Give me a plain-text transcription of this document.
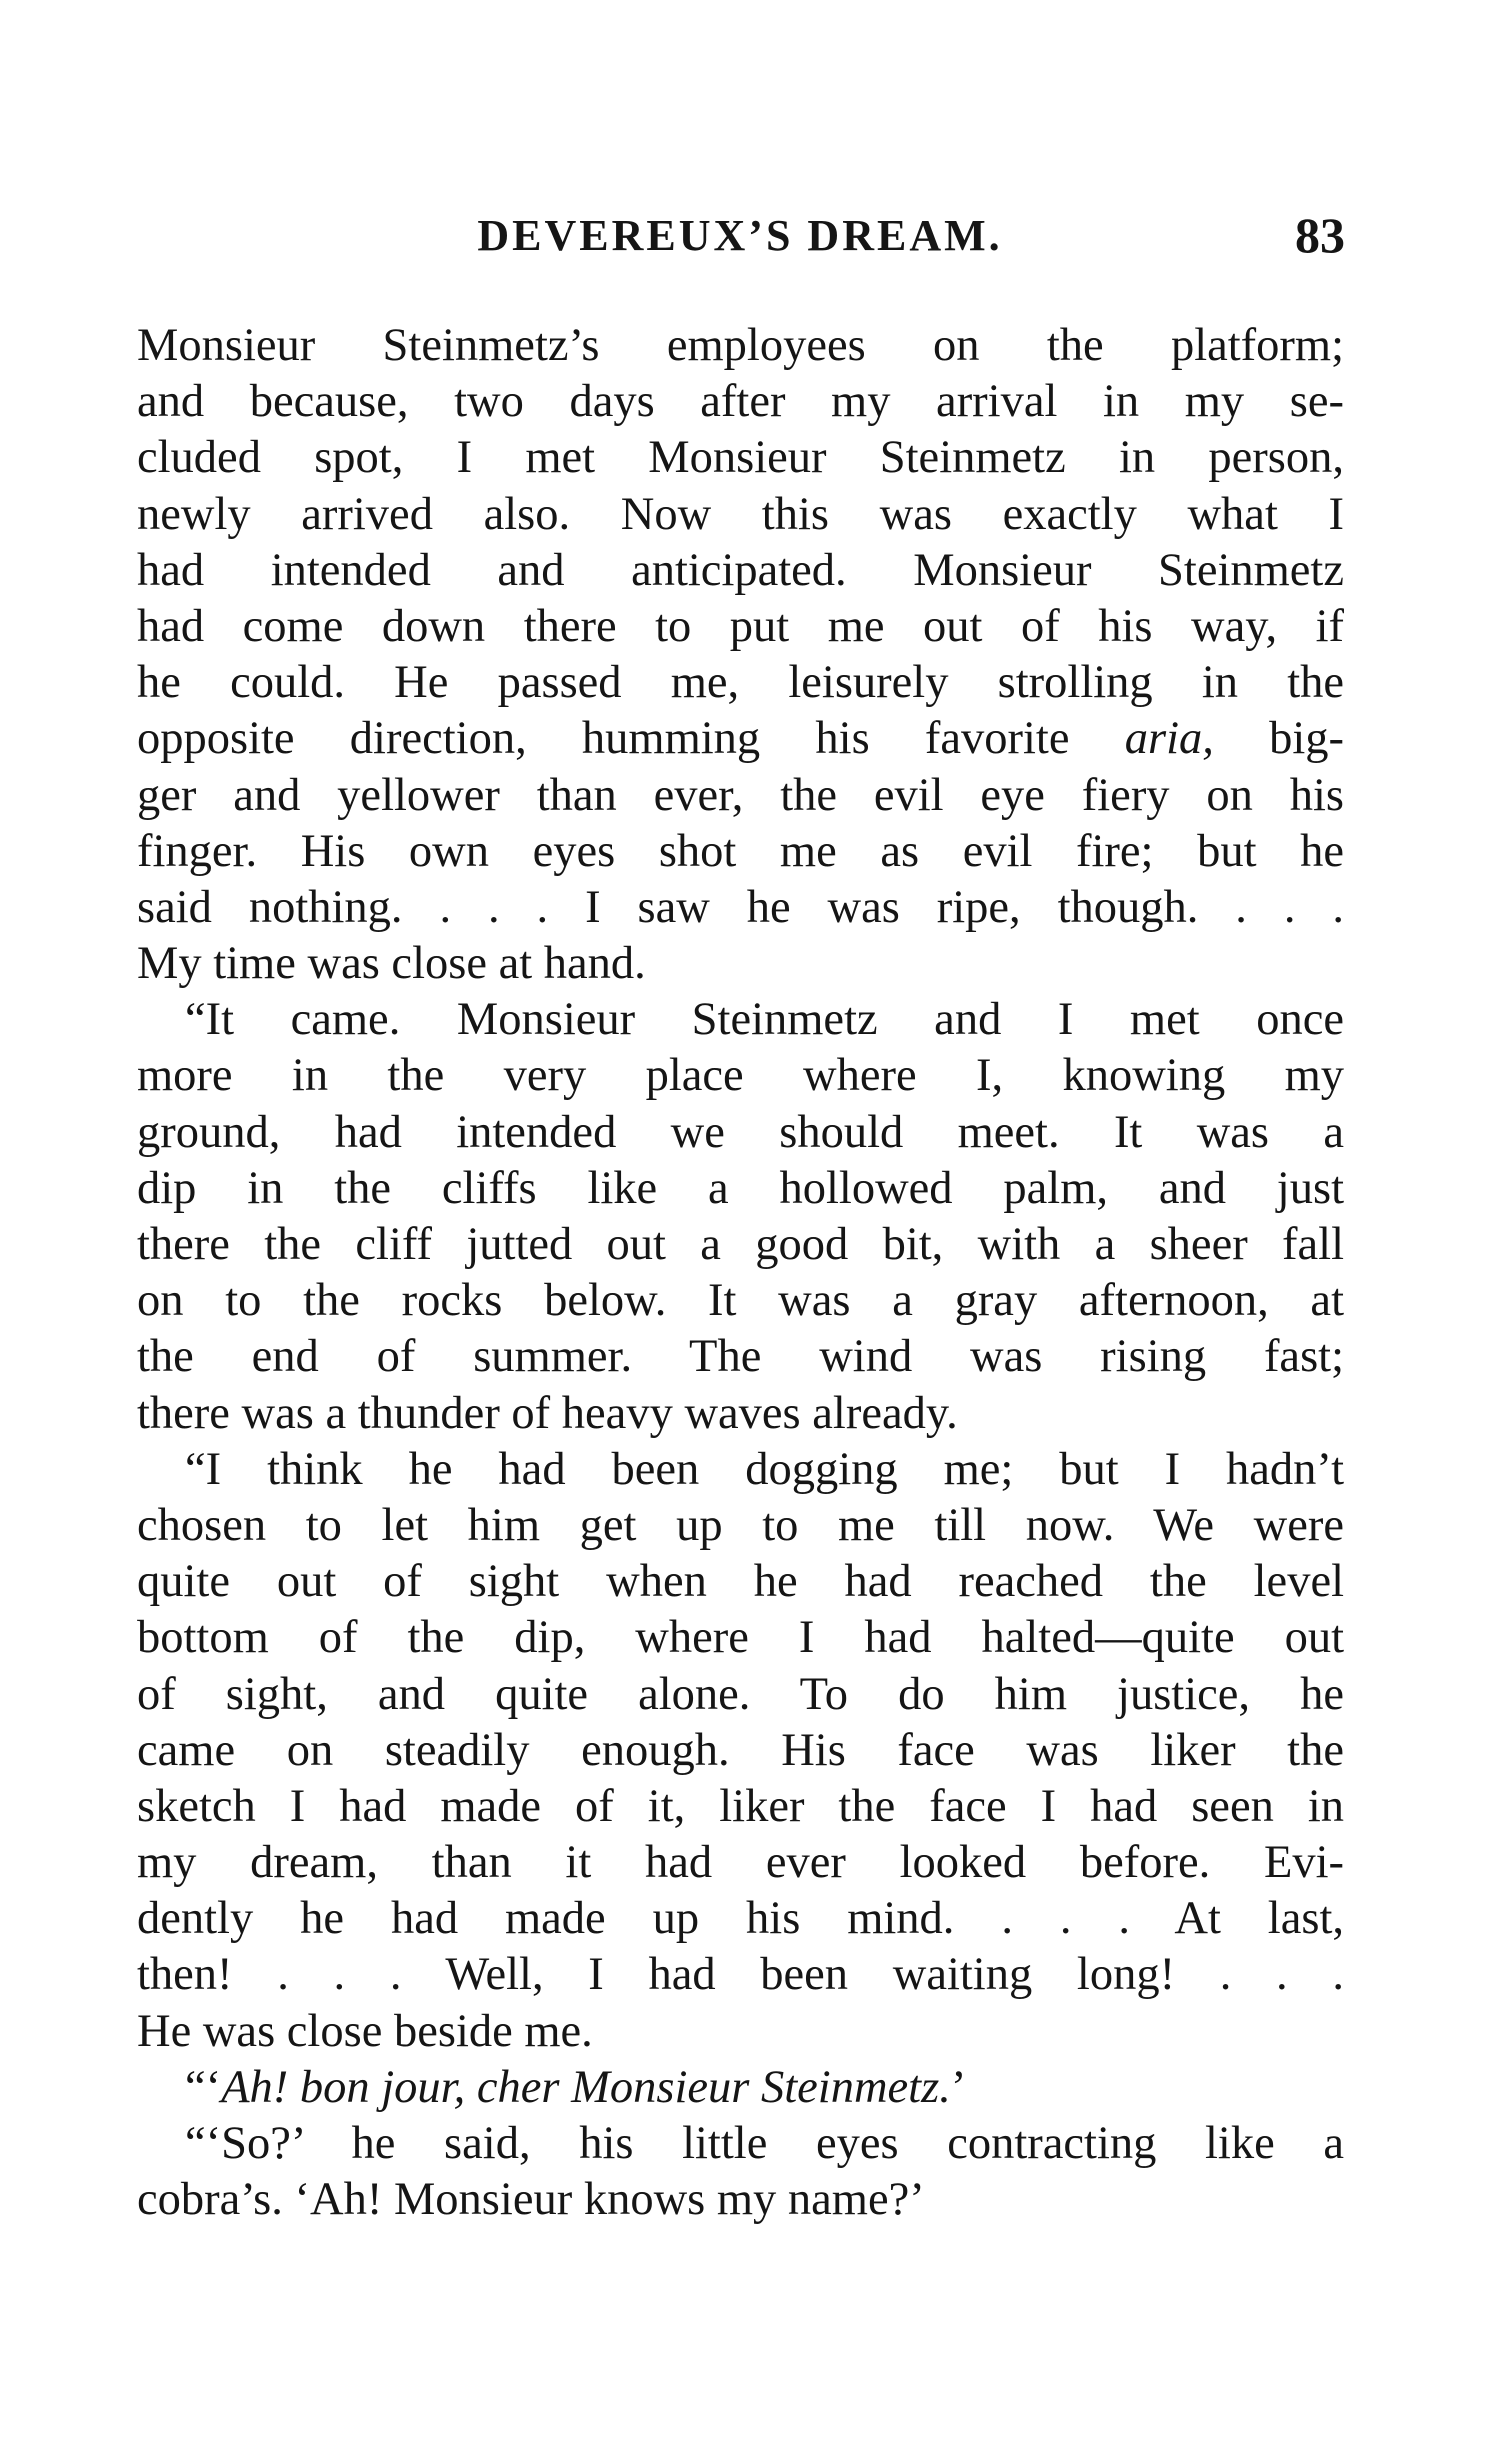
DEVEREUX’S DREAM.	83
Monsieur Steinmetz’s employees on the platform;
and because, two days after my arrival in my se-
cluded spot, I met Monsieur Steinmetz in person,
newly arrived also. Now this was exactly what I
had intended and anticipated. Monsieur Steinmetz
had come down there to put me out of his way, if
he could. He passed me, leisurely strolling in the
opposite direction, humming his favorite aria, big-
ger and yellower than ever, the evil eye fiery on his
finger. His own eyes shot me as evil fire; but he
said nothing. . . . I saw he was ripe, though. . . .
My time was close at hand.
“It came. Monsieur Steinmetz and I met once
more in the very place where I, knowing my
ground, had intended we should meet. It was a
dip in the cliffs like a hollowed palm, and just
there the cliff jutted out a good bit, with a sheer fall
on to the rocks below. It was a gray afternoon, at
the end of summer. The wind was rising fast;
there was a thunder of heavy waves already.
“I think he had been dogging me; but I hadn’t
chosen to let him get up to me till now. We were
quite out of sight when he had reached the level
bottom of the dip, where I had halted—quite out
of sight, and quite alone. To do him justice, he
came on steadily enough. His face was liker the
sketch I had made of it, liker the face I had seen in
my dream, than it had ever looked before. Evi-
dently he had made up his mind. . . . At last,
then! . . . Well, I had been waiting long! . . .
He was close beside me.
“‘Ah! bon jour, cher Monsieur Steinmetz.’
“‘So?’ he said, his little eyes contracting like a
cobra’s. ‘Ah! Monsieur knows my name?’
